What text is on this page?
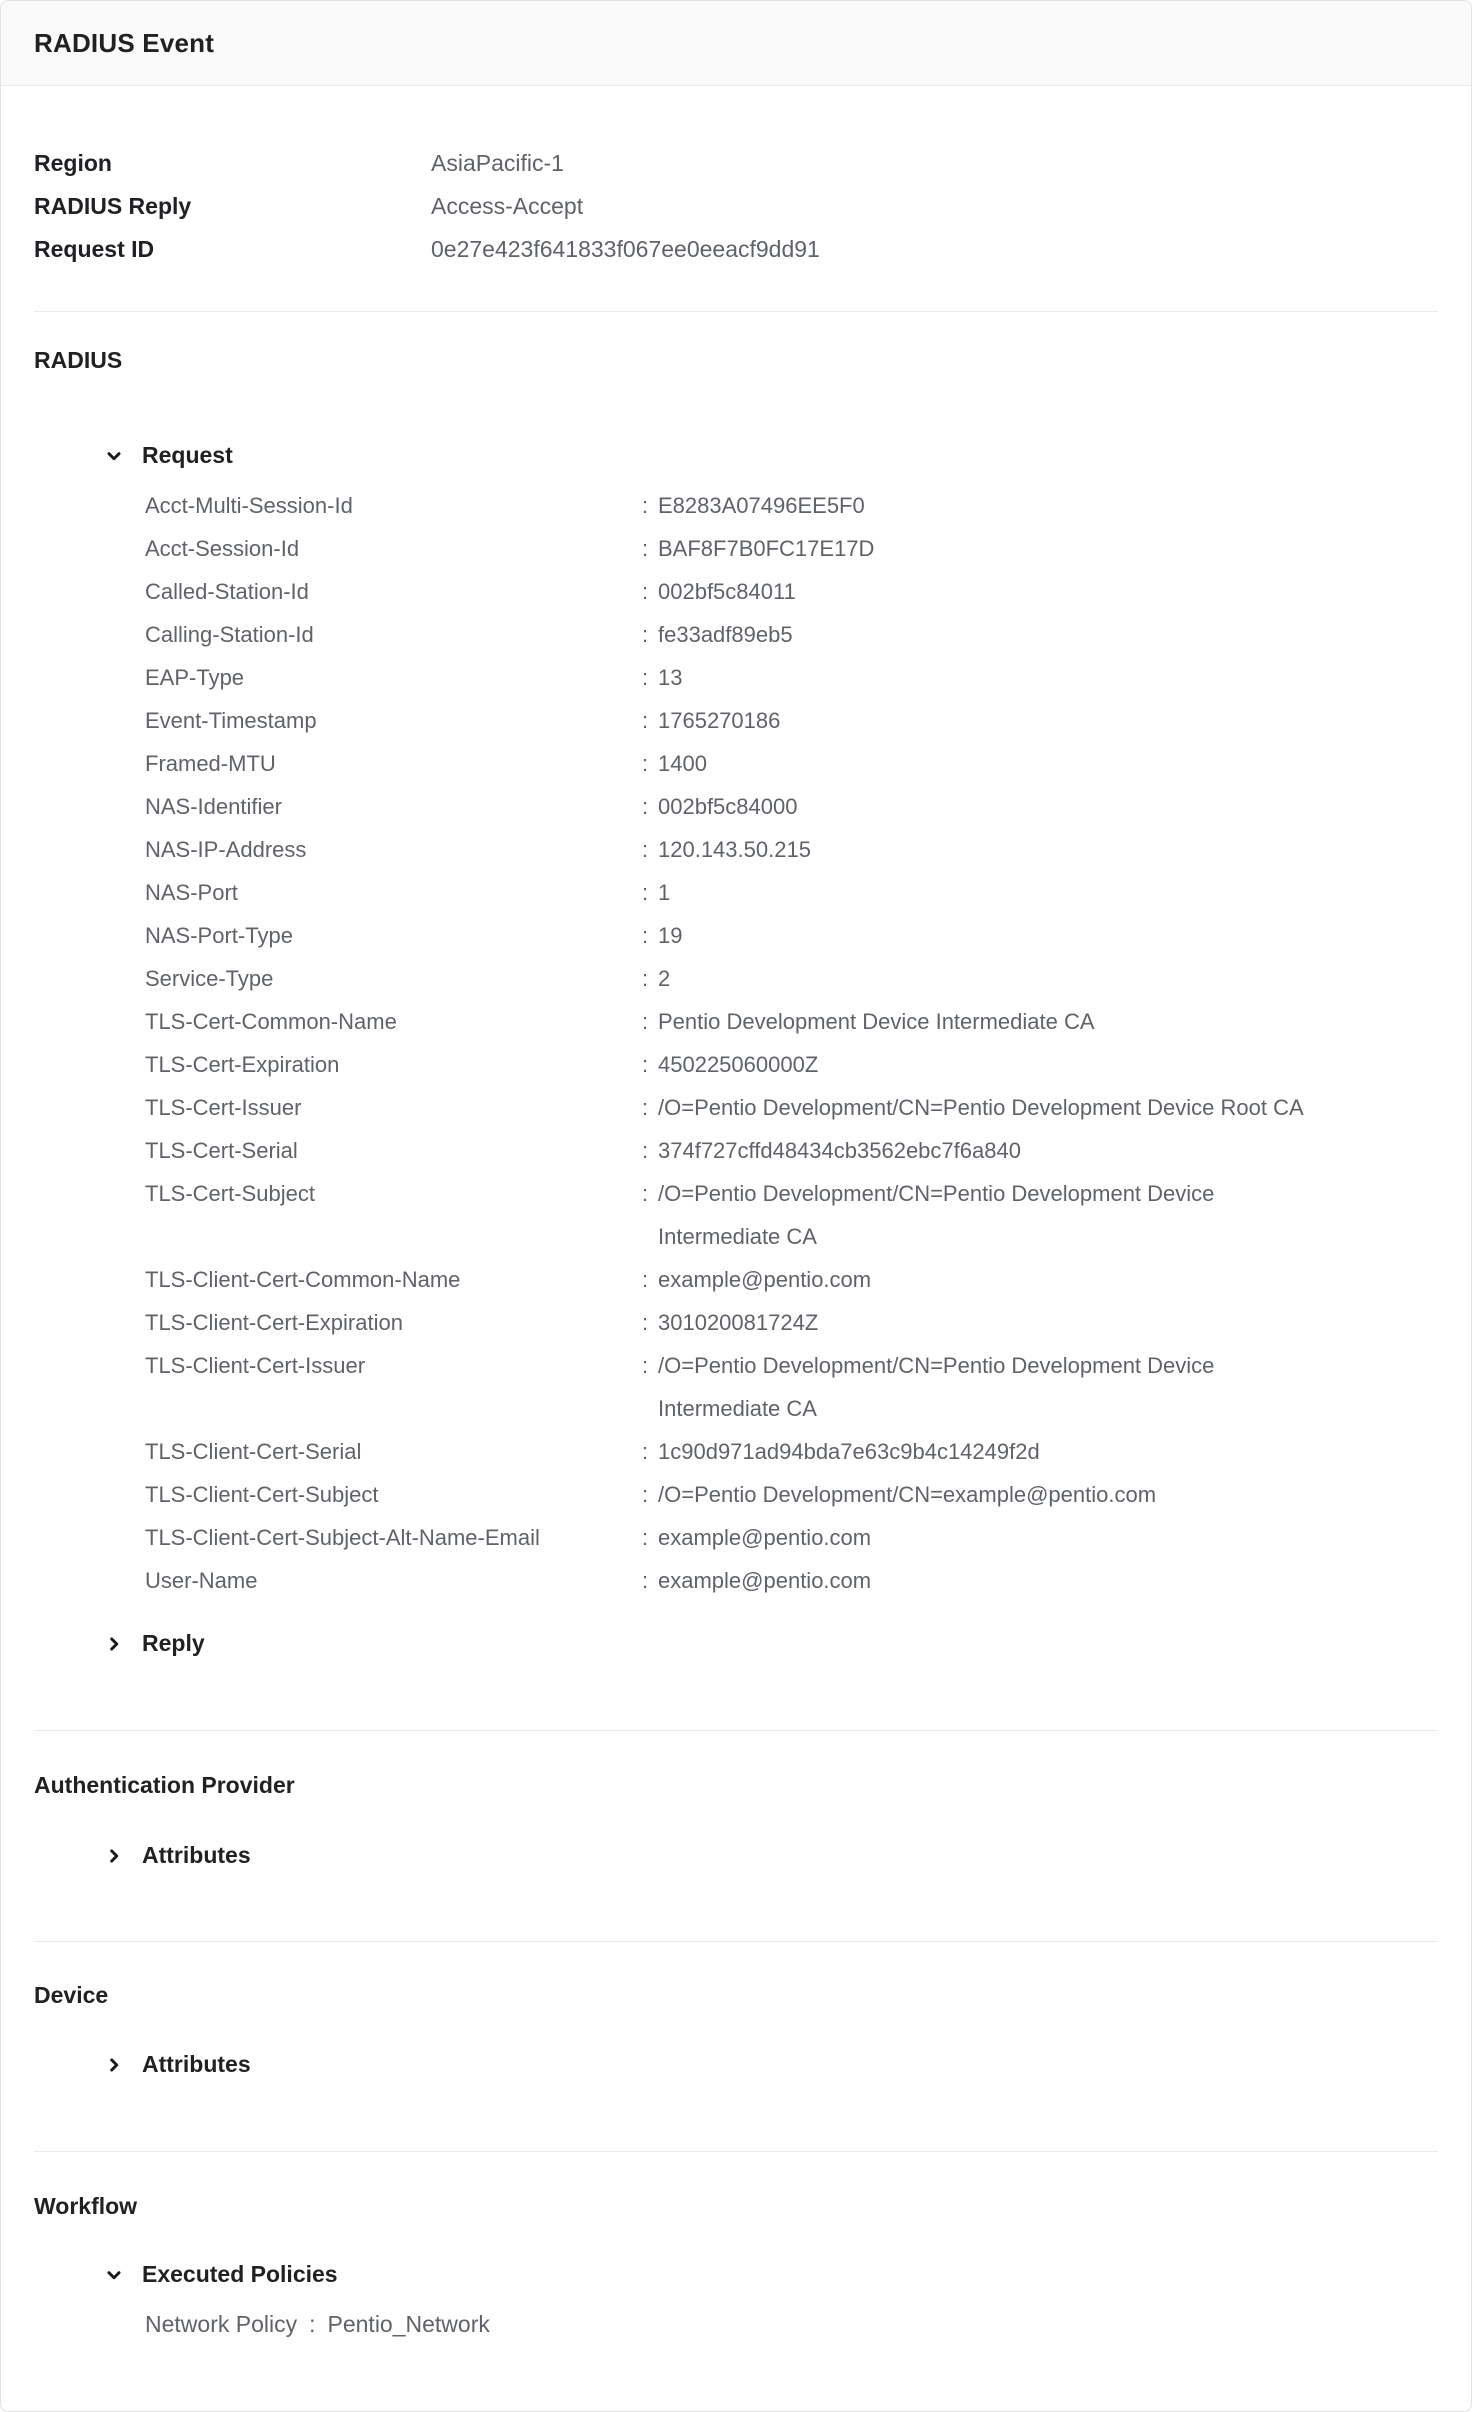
RADIUS Event
Region	AsiaPacific-1
RADIUS Reply	Access-Accept
Request ID	0e27e423f641833f067ee0eeacf9dd91
RADIUS
Request
Acct-Multi-Session-Id	: E8283A07496EE5F0
Acct-Session-Id	: BAF8F7B0FC17E17D
Called-Station-Id	: 002bf5c84011
Calling-Station-Id	: fe33adf89eb5
EAP-Type	: 13
Event-Timestamp	: 1765270186
Framed-MTU	: 1400
NAS-Identifier	: 002bf5c84000
NAS-IP-Address	: 120.143.50.215
NAS-Port	: 1
NAS-Port-Type	: 19
Service-Type	: 2
TLS-Cert-Common-Name	: Pentio Development Device Intermediate CA
TLS-Cert-Expiration	: 450225060000Z
TLS-Cert-Issuer	: /O=Pentio Development/CN=Pentio Development Device Root CA
TLS-Cert-Serial	: 374f727cffd48434cb3562ebc7f6a840
TLS-Cert-Subject	: /O=Pentio Development/CN=Pentio Development Device Intermediate CA
TLS-Client-Cert-Common-Name	: example@pentio.com
TLS-Client-Cert-Expiration	: 301020081724Z
TLS-Client-Cert-Issuer	: /O=Pentio Development/CN=Pentio Development Device Intermediate CA
TLS-Client-Cert-Serial	: 1c90d971ad94bda7e63c9b4c14249f2d
TLS-Client-Cert-Subject	: /O=Pentio Development/CN=example@pentio.com
TLS-Client-Cert-Subject-Alt-Name-Email	: example@pentio.com
User-Name	: example@pentio.com
Reply
Authentication Provider
Attributes
Device
Attributes
Workflow
Executed Policies
Network Policy : Pentio_Network
